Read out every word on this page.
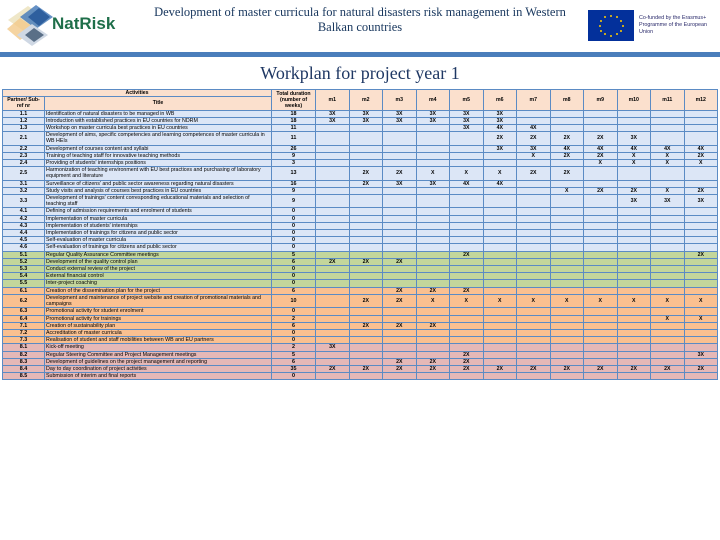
NatRisk
Development of master curricula for natural disasters risk management in Western Balkan countries
Co-funded by the Erasmus+ Programme of the European Union
Workplan for project year 1
Activities		Total duration (number of weeks)	m1	m2	m3	m4	m5	m6	m7	m8	m9	m10	m11	m12
Partner/ Sub-ref nr	Title													
1.1	Identification of natural disasters to be managed in WB	18	3X	3X	3X	3X	3X	3X						
1.2	Introduction with established practices in EU countries for NDRM	18	3X	3X	3X	3X	3X	3X						
1.3	Workshop on master curricula best practices in EU countries	11					3X	4X	4X					
2.1	Development of aims, specific competencies and learning competences of master curricula in WB HEIs	11						2X	2X	2X	2X	3X		
2.2	Development of courses content and syllabi	26						3X	3X	4X	4X	4X	4X	4X
2.3	Training of teaching staff for innovative teaching methods	9							X	2X	2X	X	X	2X
2.4	Providing of students' internships positions	3									X	X	X	X
2.5	Harmonization of teaching environment with EU best practices and purchasing of laboratory equipment and literature	13		2X	2X	X	X	X	2X	2X				
3.1	Surveillance of citizens' and public sector awareness regarding natural disasters	16		2X	3X	3X	4X	4X						
3.2	Study visits and analysis of courses best practices in EU countries	9								X	2X	2X	X	2X
3.3	Development of trainings' content corresponding educational materials and selection of teaching staff	9										3X	3X	3X
4.1	Defining of admission requirements and enrolment of students	0												
4.2	Implementation of master curricula	0												
4.3	Implementation of students' internships	0												
4.4	Implementation of trainings for citizens and public sector	0												
4.5	Self-evaluation of master curricula	0												
4.6	Self-evaluation of trainings for citizens and public sector	0												
5.1	Regular Quality Assurance Committee meetings	5					2X							2X
5.2	Development of the quality control plan	6	2X	2X	2X									
5.3	Conduct external review of the project	0												
5.4	External financial control	0												
5.5	Inter-project coaching	0												
6.1	Creation of the dissemination plan for the project	6			2X	2X	2X							
6.2	Development and maintenance of project website and creation of promotional materials and campaigns	10		2X	2X	X	X	X	X	X	X	X	X	X
6.3	Promotional activity for student enrolment	0												
6.4	Promotional activity for trainings	2											X	X
7.1	Creation of sustainability plan	6		2X	2X	2X								
7.2	Accreditation of master curricula	0												
7.3	Realisation of student and staff mobilities between WB and EU partners	0												
8.1	Kick-off meeting	2	3X											
8.2	Regular Steering Committee and Project Management meetings	5					2X							3X
8.3	Development of guidelines on the project management and reporting	6			2X	2X	2X							
8.4	Day to day coordination of project activities	35	2X	2X	2X	2X	2X	2X	2X	2X	2X	2X	2X	2X
8.5	Submission of interim and final reports	0												
